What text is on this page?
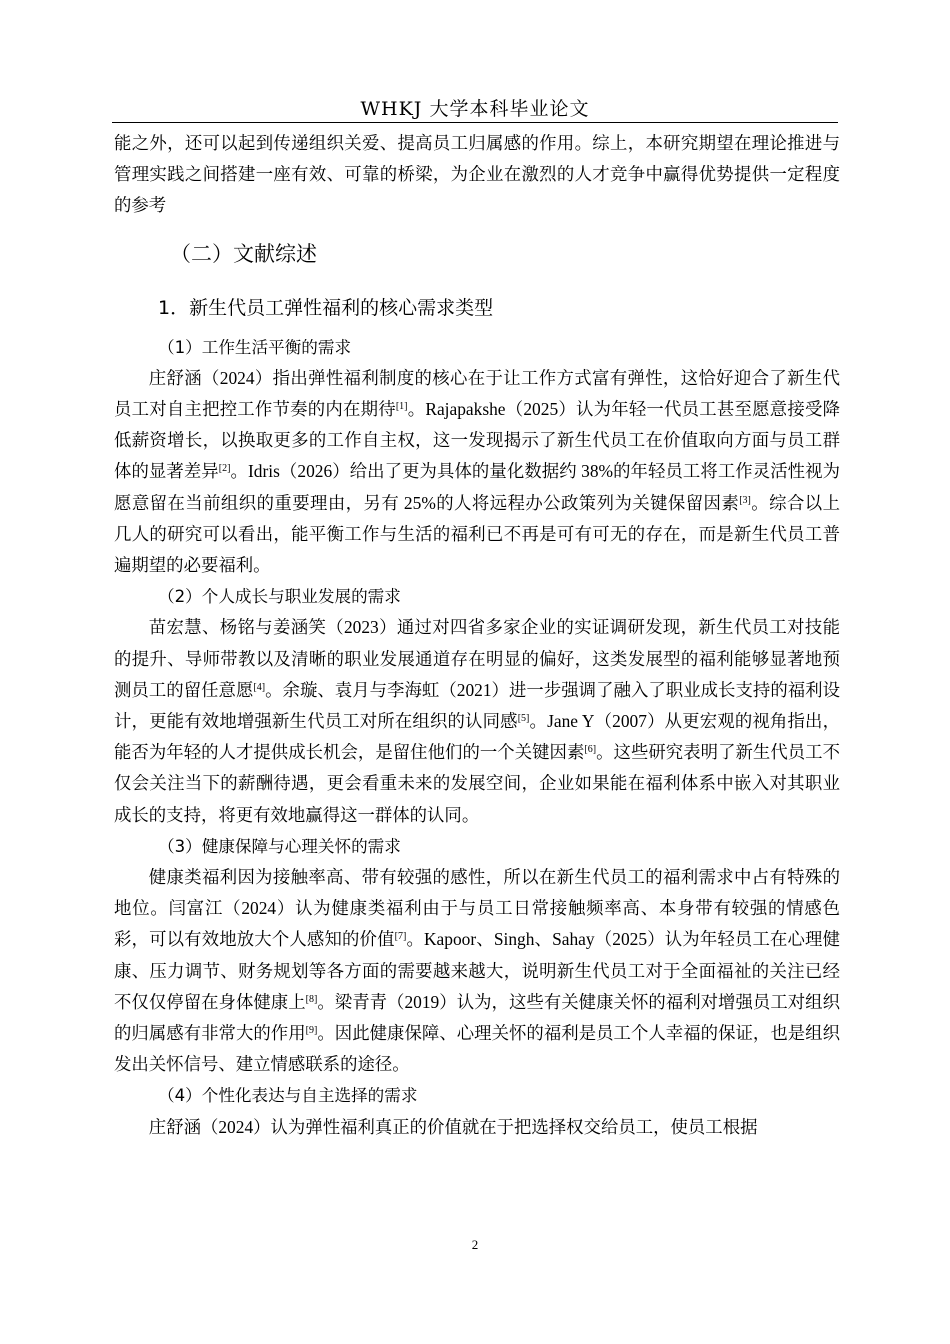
WHKJ 大学本科毕业论文

能之外，还可以起到传递组织关爱、提高员工归属感的作用。综上，本研究期望在理论推进与管理实践之间搭建一座有效、可靠的桥梁，为企业在激烈的人才竞争中赢得优势提供一定程度的参考

（二）文献综述
1．新生代员工弹性福利的核心需求类型
（1）工作生活平衡的需求

庄舒涵（2024）指出弹性福利制度的核心在于让工作方式富有弹性，这恰好迎合了新生代员工对自主把控工作节奏的内在期待[1]。Rajapakshe（2025）认为年轻一代员工甚至愿意接受降低薪资增长，以换取更多的工作自主权，这一发现揭示了新生代员工在价值取向方面与员工群体的显著差异[2]。Idris（2026）给出了更为具体的量化数据约 38%的年轻员工将工作灵活性视为愿意留在当前组织的重要理由，另有 25%的人将远程办公政策列为关键保留因素[3]。综合以上几人的研究可以看出，能平衡工作与生活的福利已不再是可有可无的存在，而是新生代员工普遍期望的必要福利。

（2）个人成长与职业发展的需求

苗宏慧、杨铭与姜涵笑（2023）通过对四省多家企业的实证调研发现，新生代员工对技能的提升、导师带教以及清晰的职业发展通道存在明显的偏好，这类发展型的福利能够显著地预测员工的留任意愿[4]。余璇、袁月与李海虹（2021）进一步强调了融入了职业成长支持的福利设计，更能有效地增强新生代员工对所在组织的认同感[5]。Jane Y（2007）从更宏观的视角指出，能否为年轻的人才提供成长机会，是留住他们的一个关键因素[6]。这些研究表明了新生代员工不仅会关注当下的薪酬待遇，更会看重未来的发展空间，企业如果能在福利体系中嵌入对其职业成长的支持，将更有效地赢得这一群体的认同。

（3）健康保障与心理关怀的需求

健康类福利因为接触率高、带有较强的感性，所以在新生代员工的福利需求中占有特殊的地位。闫富江（2024）认为健康类福利由于与员工日常接触频率高、本身带有较强的情感色彩，可以有效地放大个人感知的价值[7]。Kapoor、Singh、Sahay（2025）认为年轻员工在心理健康、压力调节、财务规划等各方面的需要越来越大，说明新生代员工对于全面福祉的关注已经不仅仅停留在身体健康上[8]。梁青青（2019）认为，这些有关健康关怀的福利对增强员工对组织的归属感有非常大的作用[9]。因此健康保障、心理关怀的福利是员工个人幸福的保证，也是组织发出关怀信号、建立情感联系的途径。

（4）个性化表达与自主选择的需求

庄舒涵（2024）认为弹性福利真正的价值就在于把选择权交给员工，使员工根据

2
